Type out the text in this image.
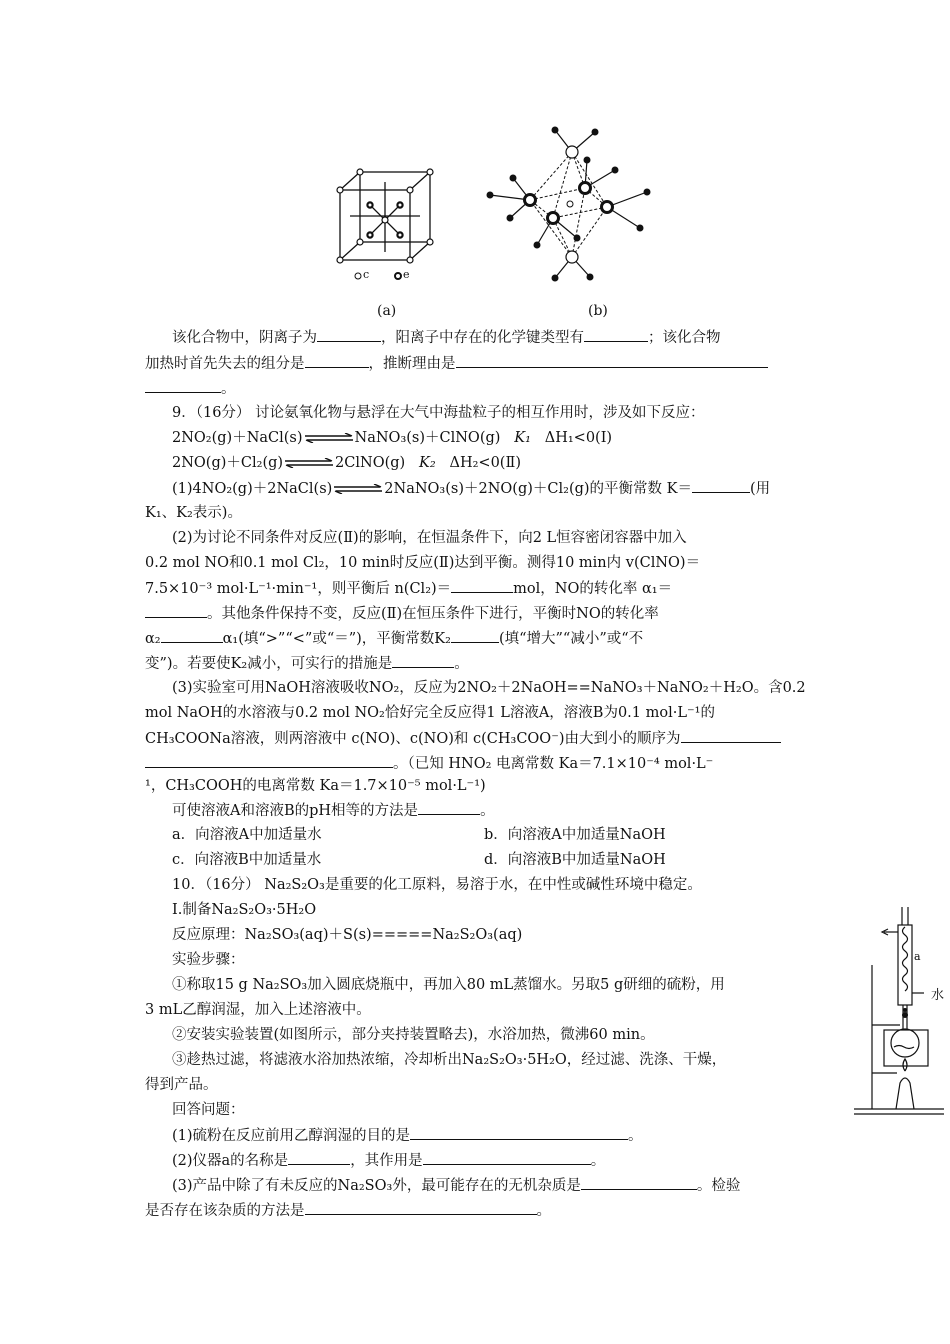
c	e
(a)	(b)
该化合物中，阴离子为	，阳离子中存在的化学键类型有	；该化合物
加热时首先失去的组分是	，推断理由是
。
9．（16分） 讨论氨氧化物与悬浮在大气中海盐粒子的相互作用时，涉及如下反应：
2NO₂(g)＋NaCl(s)⇌NaNO₃(s)＋ClNO(g) K₁ ΔH₁<0(Ⅰ)
2NO(g)＋Cl₂(g)⇌2ClNO(g) K₂ ΔH₂<0(Ⅱ)
(1)4NO₂(g)＋2NaCl(s)⇌2NaNO₃(s)＋2NO(g)＋Cl₂(g)的平衡常数 K＝	(用
K₁、K₂表示)。
(2)为讨论不同条件对反应(Ⅱ)的影响，在恒温条件下，向2 L恒容密闭容器中加入
0.2 mol NO和0.1 mol Cl₂，10 min时反应(Ⅱ)达到平衡。测得10 min内 v(ClNO)＝
7.5×10⁻³ mol·L⁻¹·min⁻¹，则平衡后 n(Cl₂)＝	mol，NO的转化率 α₁＝
。其他条件保持不变，反应(Ⅱ)在恒压条件下进行，平衡时NO的转化率
α₂	α₁(填“>”“<”或“＝”)，平衡常数K₂	(填“增大”“减小”或“不
变”)。若要使K₂减小，可实行的措施是	。
(3)实验室可用NaOH溶液吸收NO₂，反应为2NO₂＋2NaOH==NaNO₃＋NaNO₂＋H₂O。含0.2
mol NaOH的水溶液与0.2 mol NO₂恰好完全反应得1 L溶液A，溶液B为0.1 mol·L⁻¹的
CH₃COONa溶液，则两溶液中 c(NO)、c(NO)和 c(CH₃COO⁻)由大到小的顺序为
。（已知 HNO₂ 电离常数 Ka＝7.1×10⁻⁴ mol·L⁻
¹，CH₃COOH的电离常数 Ka＝1.7×10⁻⁵ mol·L⁻¹)
可使溶液A和溶液B的pH相等的方法是	。
a．向溶液A中加适量水	b．向溶液A中加适量NaOH
c．向溶液B中加适量水	d．向溶液B中加适量NaOH
10．（16分） Na₂S₂O₃是重要的化工原料，易溶于水，在中性或碱性环境中稳定。
Ⅰ.制备Na₂S₂O₃·5H₂O
反应原理：Na₂SO₃(aq)＋S(s)=====Na₂S₂O₃(aq)
实验步骤：
①称取15 g Na₂SO₃加入圆底烧瓶中，再加入80 mL蒸馏水。另取5 g研细的硫粉，用
3 mL乙醇润湿，加入上述溶液中。
②安装实验装置(如图所示，部分夹持装置略去)，水浴加热，微沸60 min。
③趁热过滤，将滤液水浴加热浓缩，冷却析出Na₂S₂O₃·5H₂O，经过滤、洗涤、干燥，
得到产品。
回答问题：
(1)硫粉在反应前用乙醇润湿的目的是	。
(2)仪器a的名称是	，其作用是	。
(3)产品中除了有未反应的Na₂SO₃外，最可能存在的无机杂质是	。检验
是否存在该杂质的方法是	。
a
水
